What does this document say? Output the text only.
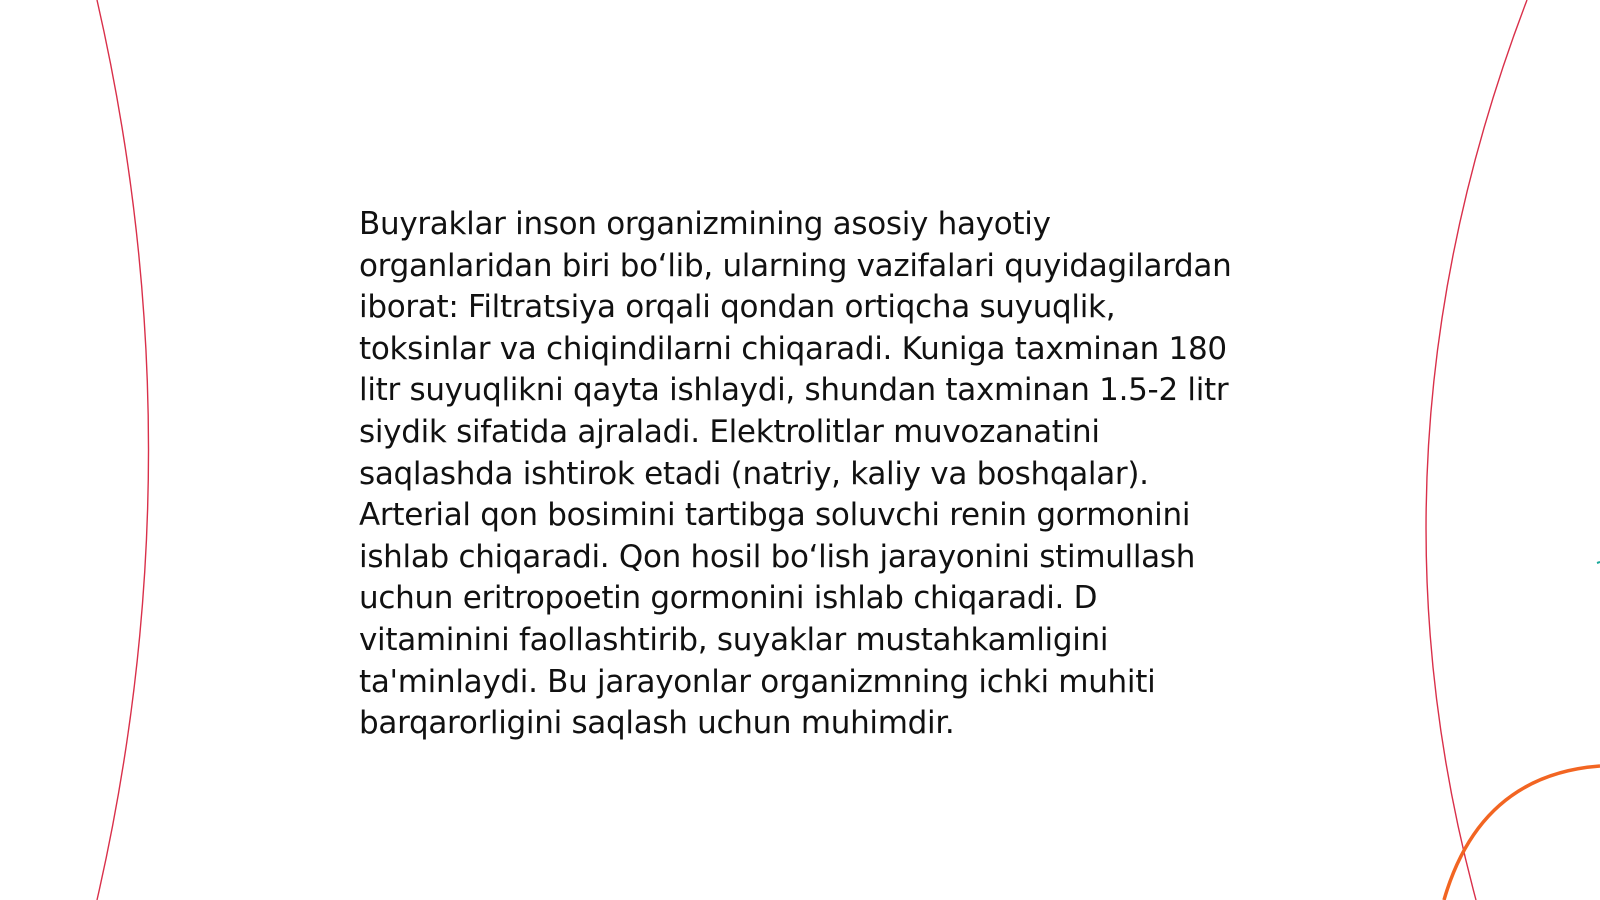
Buyraklar inson organizmining asosiy hayotiy organlaridan biri bo‘lib, ularning vazifalari quyidagilardan iborat: Filtratsiya orqali qondan ortiqcha suyuqlik, toksinlar va chiqindilarni chiqaradi. Kuniga taxminan 180 litr suyuqlikni qayta ishlaydi, shundan taxminan 1.5-2 litr siydik sifatida ajraladi. Elektrolitlar muvozanatini saqlashda ishtirok etadi (natriy, kaliy va boshqalar). Arterial qon bosimini tartibga soluvchi renin gormonini ishlab chiqaradi. Qon hosil bo‘lish jarayonini stimullash uchun eritropoetin gormonini ishlab chiqaradi. D vitaminini faollashtirib, suyaklar mustahkamligini ta'minlaydi. Bu jarayonlar organizmning ichki muhiti barqarorligini saqlash uchun muhimdir.
